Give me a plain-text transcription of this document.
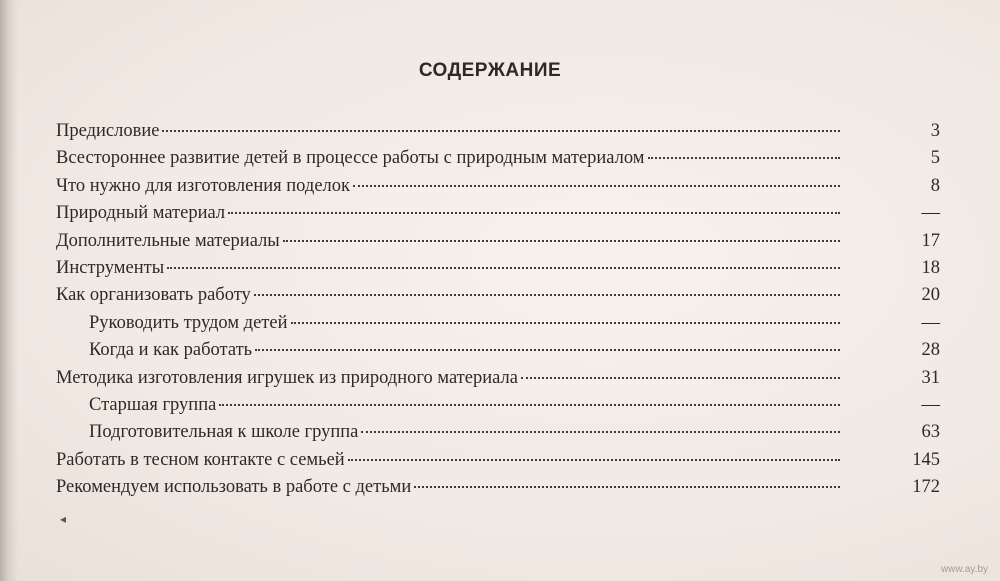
СОДЕРЖАНИЕ
Предисловие	3
Всестороннее развитие детей в процессе работы с природным материалом	5
Что нужно для изготовления поделок	8
Природный материал	—
Дополнительные материалы	17
Инструменты	18
Как организовать работу	20
Руководить трудом детей	—
Когда и как работать	28
Методика изготовления игрушек из природного материала	31
Старшая группа	—
Подготовительная к школе группа	63
Работать в тесном контакте с семьей	145
Рекомендуем использовать в работе с детьми	172
◂
www.ay.by
